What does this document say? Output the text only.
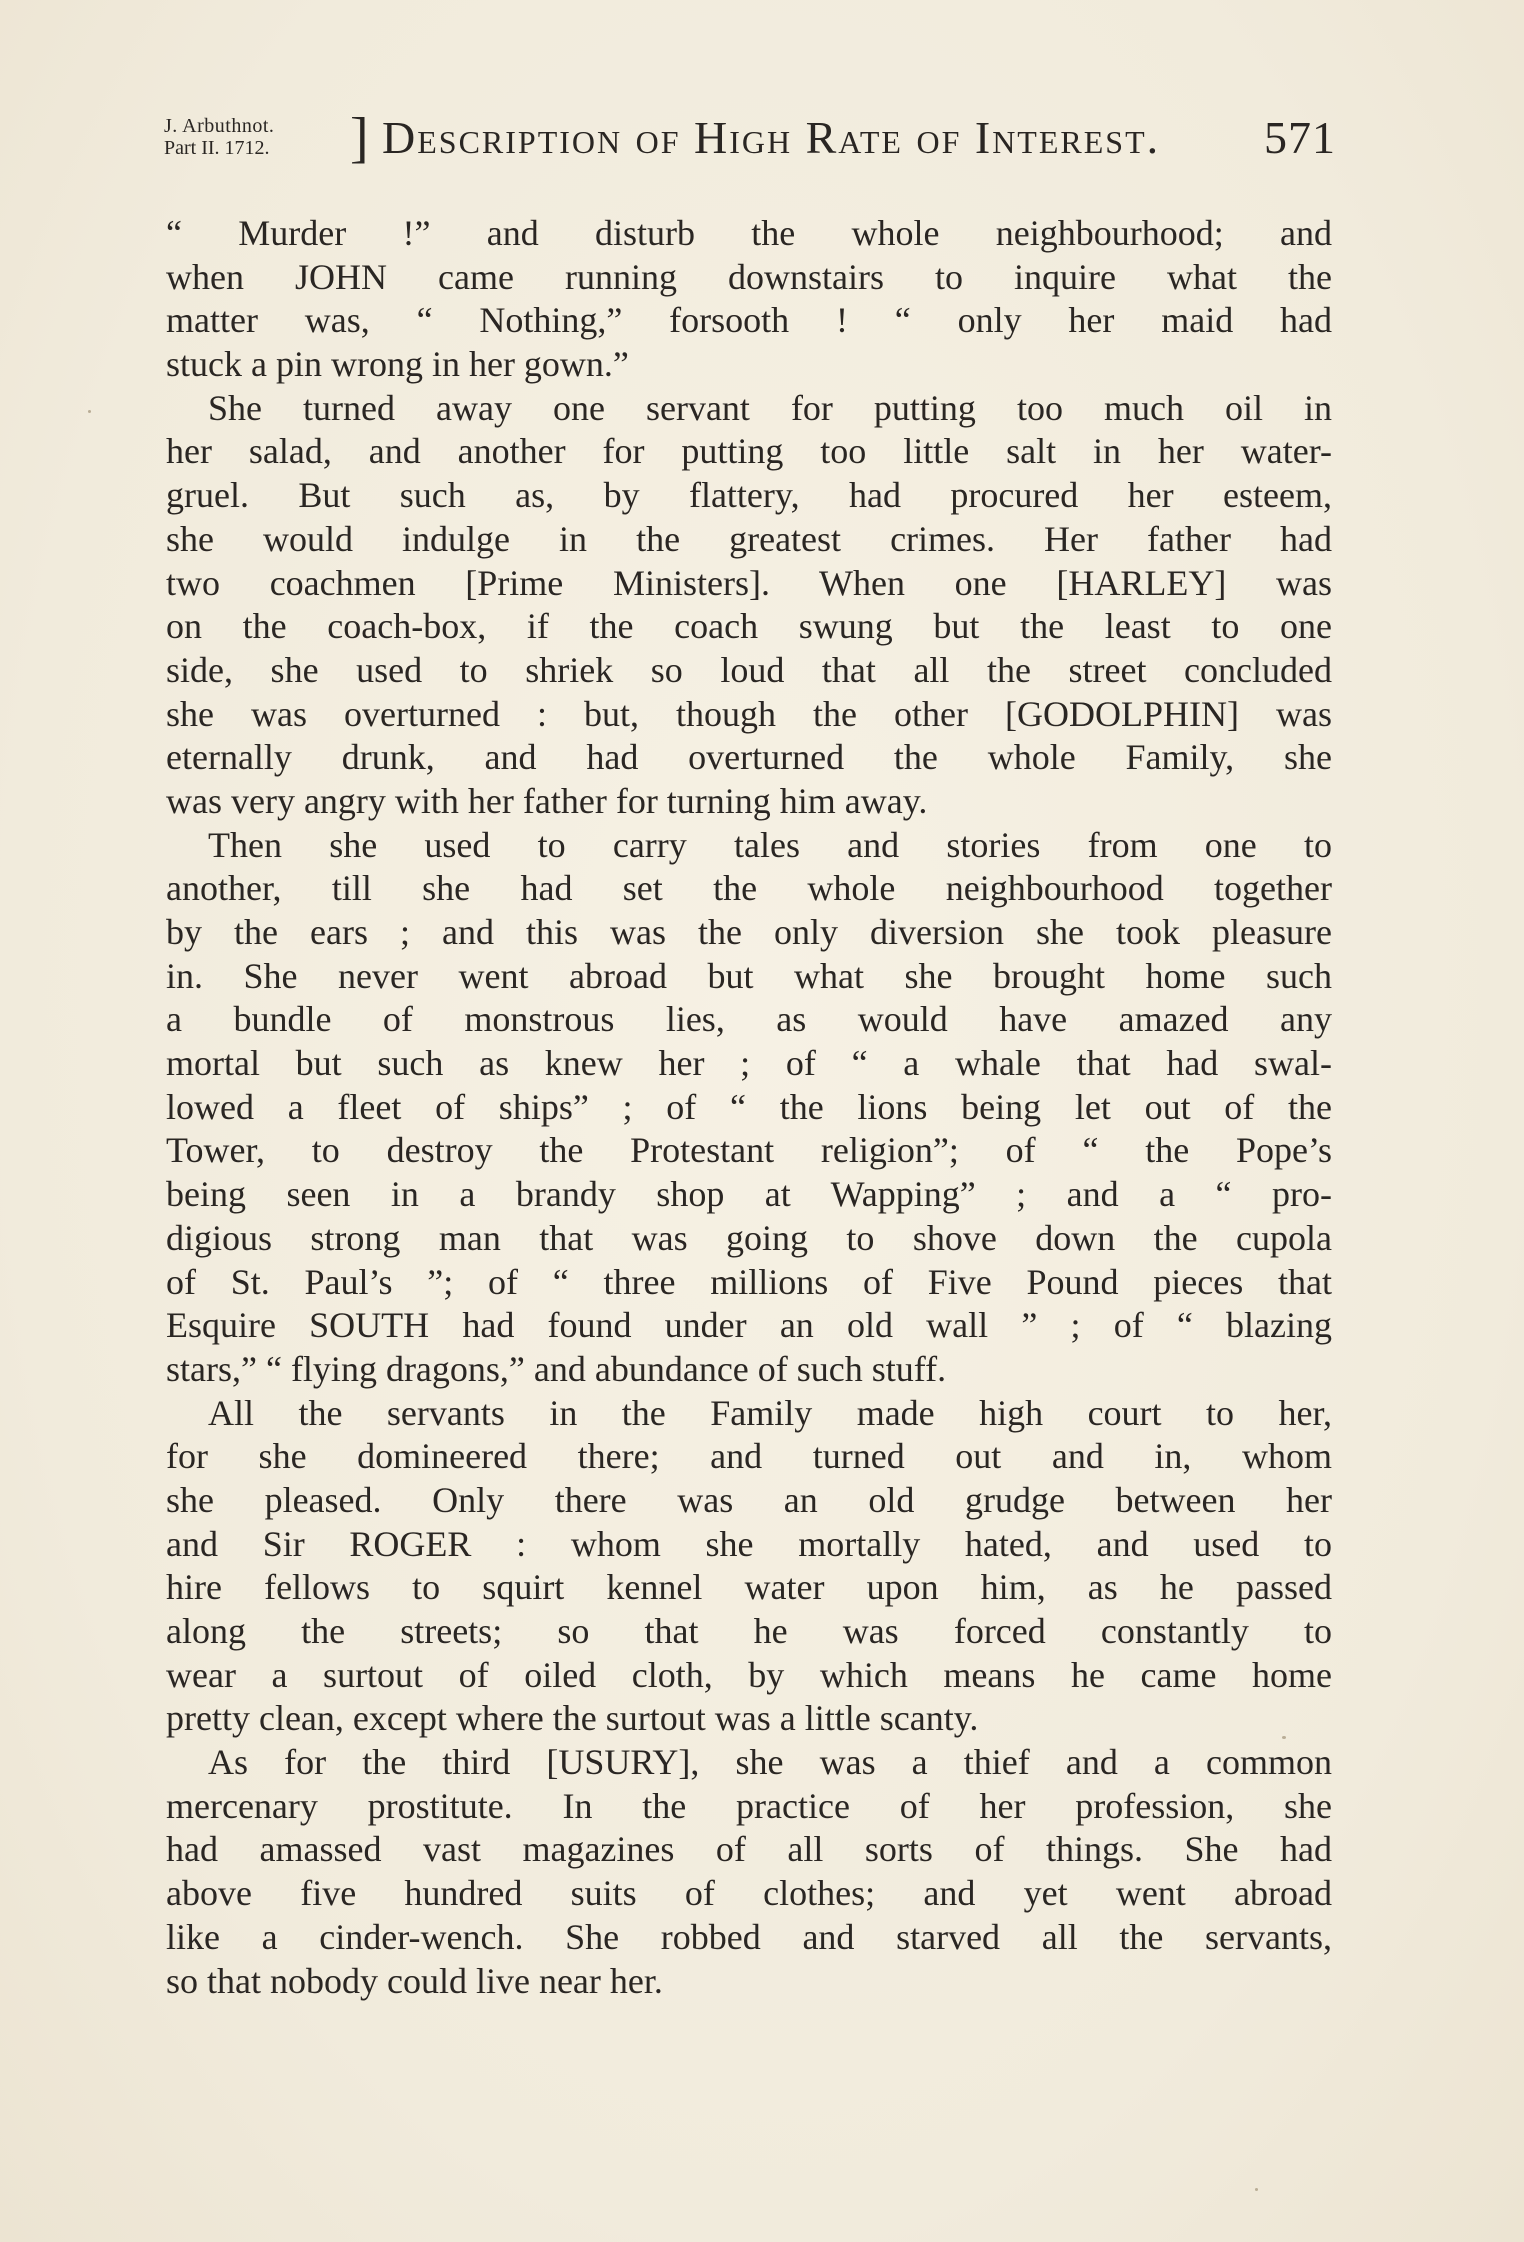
J. Arbuthnot.
Part II. 1712. ] Description of High Rate of Interest. 571
“ Murder !” and disturb the whole neighbourhood; and
when JOHN came running downstairs to inquire what the
matter was, “ Nothing,” forsooth ! “ only her maid had
stuck a pin wrong in her gown.”
She turned away one servant for putting too much oil in
her salad, and another for putting too little salt in her water-
gruel. But such as, by flattery, had procured her esteem,
she would indulge in the greatest crimes. Her father had
two coachmen [Prime Ministers]. When one [HARLEY] was
on the coach-box, if the coach swung but the least to one
side, she used to shriek so loud that all the street concluded
she was overturned : but, though the other [GODOLPHIN] was
eternally drunk, and had overturned the whole Family, she
was very angry with her father for turning him away.
Then she used to carry tales and stories from one to
another, till she had set the whole neighbourhood together
by the ears ; and this was the only diversion she took pleasure
in. She never went abroad but what she brought home such
a bundle of monstrous lies, as would have amazed any
mortal but such as knew her ; of “ a whale that had swal-
lowed a fleet of ships” ; of “ the lions being let out of the
Tower, to destroy the Protestant religion”; of “ the Pope’s
being seen in a brandy shop at Wapping” ; and a “ pro-
digious strong man that was going to shove down the cupola
of St. Paul’s ”; of “ three millions of Five Pound pieces that
Esquire SOUTH had found under an old wall ” ; of “ blazing
stars,” “ flying dragons,” and abundance of such stuff.
All the servants in the Family made high court to her,
for she domineered there; and turned out and in, whom
she pleased. Only there was an old grudge between her
and Sir ROGER : whom she mortally hated, and used to
hire fellows to squirt kennel water upon him, as he passed
along the streets; so that he was forced constantly to
wear a surtout of oiled cloth, by which means he came home
pretty clean, except where the surtout was a little scanty.
As for the third [USURY], she was a thief and a common
mercenary prostitute. In the practice of her profession, she
had amassed vast magazines of all sorts of things. She had
above five hundred suits of clothes; and yet went abroad
like a cinder-wench. She robbed and starved all the servants,
so that nobody could live near her.
